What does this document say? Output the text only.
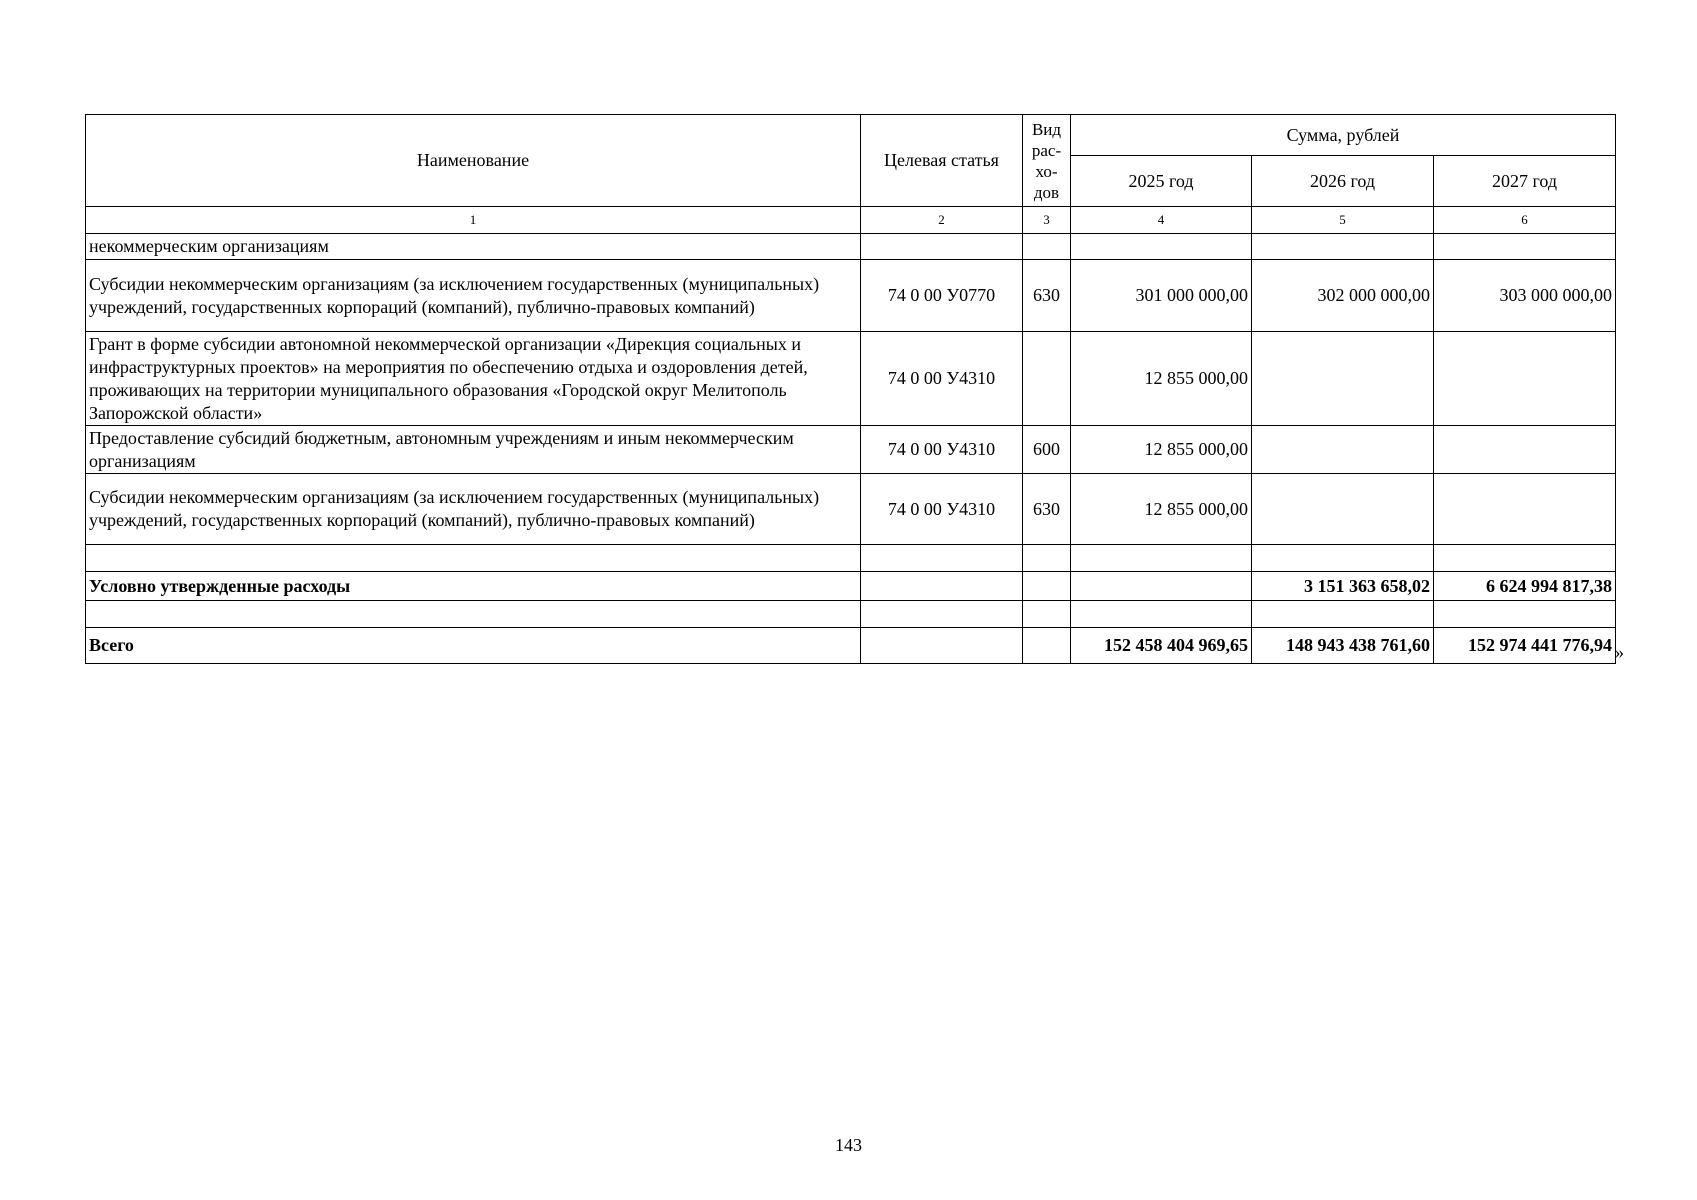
Наименование	Целевая статья	Вид
рас-
хо-
дов	Сумма, рублей		
			2025 год	2026 год	2027 год
1	2	3	4	5	6
некоммерческим организациям					
Субсидии некоммерческим организациям (за исключением государственных (муниципальных) учреждений, государственных корпораций (компаний), публично-правовых компаний)	74 0 00 У0770	630	301 000 000,00	302 000 000,00	303 000 000,00
Грант в форме субсидии автономной некоммерческой организации «Дирекция социальных и инфраструктурных проектов» на мероприятия по обеспечению отдыха и оздоровления детей, проживающих на территории муниципального образования «Городской округ Мелитополь Запорожской области»	74 0 00 У4310		12 855 000,00		
Предоставление субсидий бюджетным, автономным учреждениям и иным некоммерческим организациям	74 0 00 У4310	600	12 855 000,00		
Субсидии некоммерческим организациям (за исключением государственных (муниципальных) учреждений, государственных корпораций (компаний), публично-правовых компаний)	74 0 00 У4310	630	12 855 000,00		

Условно утвержденные расходы				3 151 363 658,02	6 624 994 817,38

Всего			152 458 404 969,65	148 943 438 761,60	152 974 441 776,94 »
143
